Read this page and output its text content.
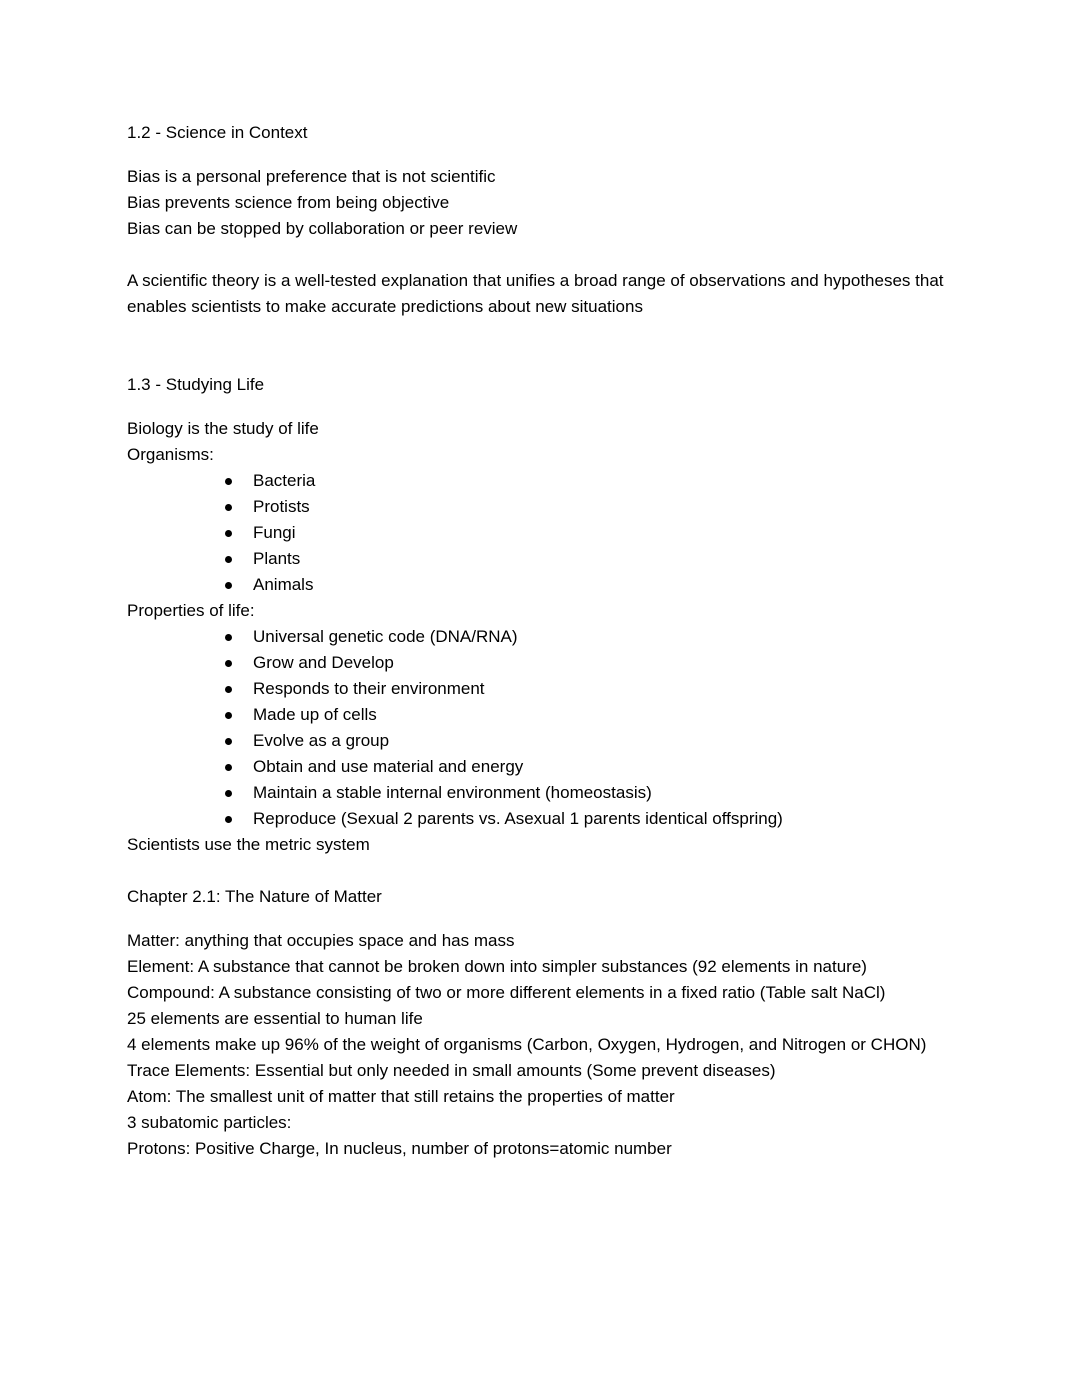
1.2 - Science in Context
Bias is a personal preference that is not scientific
Bias prevents science from being objective
Bias can be stopped by collaboration or peer review
A scientific theory is a well-tested explanation that unifies a broad range of observations and hypotheses that enables scientists to make accurate predictions about new situations
1.3 - Studying Life
Biology is the study of life
Organisms:
Bacteria
Protists
Fungi
Plants
Animals
Properties of life:
Universal genetic code (DNA/RNA)
Grow and Develop
Responds to their environment
Made up of cells
Evolve as a group
Obtain and use material and energy
Maintain a stable internal environment (homeostasis)
Reproduce (Sexual 2 parents vs. Asexual 1 parents identical offspring)
Scientists use the metric system
Chapter 2.1: The Nature of Matter
Matter: anything that occupies space and has mass
Element: A substance that cannot be broken down into simpler substances (92 elements in nature)
Compound: A substance consisting of two or more different elements in a fixed ratio (Table salt NaCl)
25 elements are essential to human life
4 elements make up 96% of the weight of organisms (Carbon, Oxygen, Hydrogen, and Nitrogen or CHON)
Trace Elements: Essential but only needed in small amounts (Some prevent diseases)
Atom: The smallest unit of matter that still retains the properties of matter
3 subatomic particles:
Protons: Positive Charge, In nucleus, number of protons=atomic number
